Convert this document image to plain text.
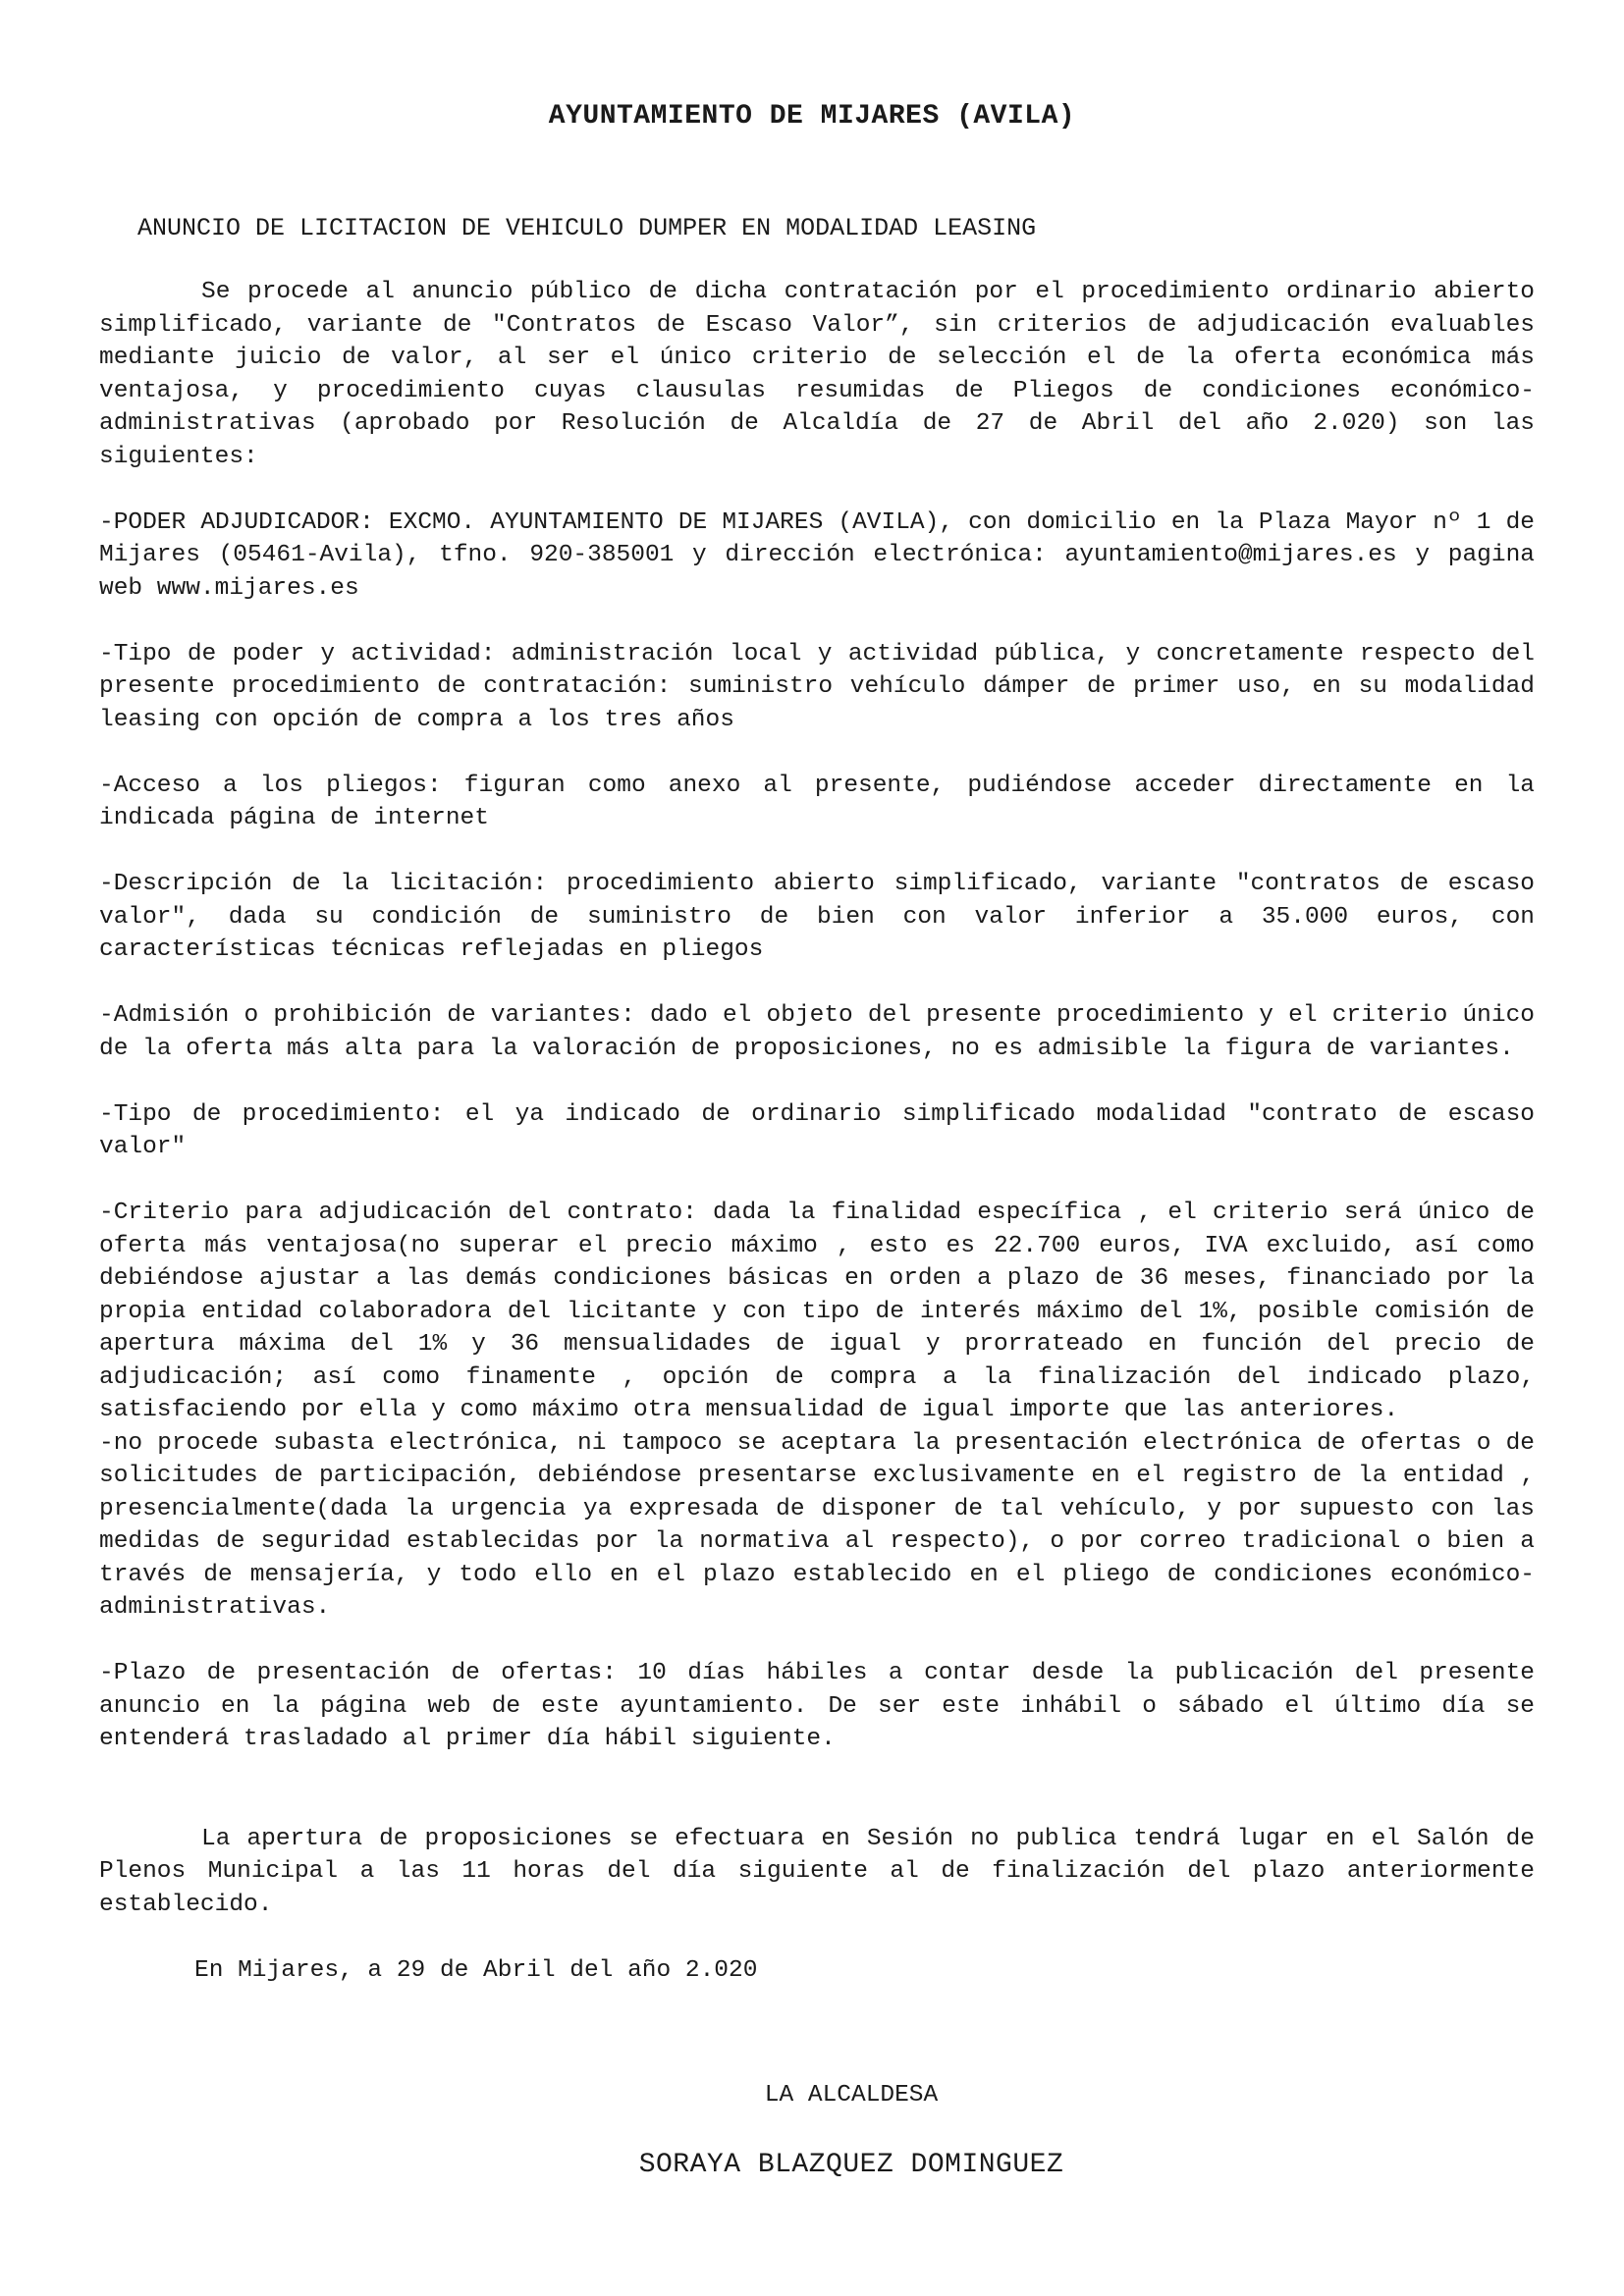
AYUNTAMIENTO DE MIJARES (AVILA)

ANUNCIO DE LICITACION DE VEHICULO DUMPER EN MODALIDAD LEASING

Se procede al anuncio público de dicha contratación por el procedimiento ordinario abierto simplificado, variante de "Contratos de Escaso Valor”, sin criterios de adjudicación evaluables mediante juicio de valor, al ser el único criterio de selección el de la oferta económica más ventajosa, y procedimiento cuyas clausulas resumidas de Pliegos de condiciones económico-administrativas (aprobado por Resolución de Alcaldía de 27 de Abril del año 2.020) son las siguientes:

-PODER ADJUDICADOR: EXCMO. AYUNTAMIENTO DE MIJARES (AVILA), con domicilio en la Plaza Mayor nº 1 de Mijares (05461-Avila), tfno. 920-385001 y dirección electrónica: ayuntamiento@mijares.es y pagina web www.mijares.es

-Tipo de poder y actividad: administración local y actividad pública, y concretamente respecto del presente procedimiento de contratación: suministro vehículo dámper de primer uso, en su modalidad leasing con opción de compra a los tres años

-Acceso a los pliegos: figuran como anexo al presente, pudiéndose acceder directamente en la indicada página de internet

-Descripción de la licitación: procedimiento abierto simplificado, variante "contratos de escaso valor", dada su condición de suministro de bien con valor inferior a 35.000 euros, con características técnicas reflejadas en pliegos

-Admisión o prohibición de variantes: dado el objeto del presente procedimiento y el criterio único de la oferta más alta para la valoración de proposiciones, no es admisible la figura de variantes.

-Tipo de procedimiento: el ya indicado de ordinario simplificado modalidad "contrato de escaso valor"

-Criterio para adjudicación del contrato: dada la finalidad específica , el criterio será único de oferta más ventajosa(no superar el precio máximo , esto es 22.700 euros, IVA excluido, así como debiéndose ajustar a las demás condiciones básicas en orden a plazo de 36 meses, financiado por la propia entidad colaboradora del licitante y con tipo de interés máximo del 1%, posible comisión de apertura máxima del 1% y 36 mensualidades de igual y prorrateado en función del precio de adjudicación; así como finamente , opción de compra a la finalización del indicado plazo, satisfaciendo por ella y como máximo otra mensualidad de igual importe que las anteriores.

-no procede subasta electrónica, ni tampoco se aceptara la presentación electrónica de ofertas o de solicitudes de participación, debiéndose presentarse exclusivamente en el registro de la entidad , presencialmente(dada la urgencia ya expresada de disponer de tal vehículo, y por supuesto con las medidas de seguridad establecidas por la normativa al respecto), o por correo tradicional o bien a través de mensajería, y todo ello en el plazo establecido en el pliego de condiciones económico-administrativas.

-Plazo de presentación de ofertas: 10 días hábiles a contar desde la publicación del presente anuncio en la página web de este ayuntamiento. De ser este inhábil o sábado el último día se entenderá trasladado al primer día hábil siguiente.

La apertura de proposiciones se efectuara en Sesión no publica tendrá lugar en el Salón de Plenos Municipal a las 11 horas del día siguiente al de finalización del plazo anteriormente establecido.

En Mijares, a 29 de Abril del año 2.020

LA ALCALDESA

SORAYA BLAZQUEZ DOMINGUEZ
